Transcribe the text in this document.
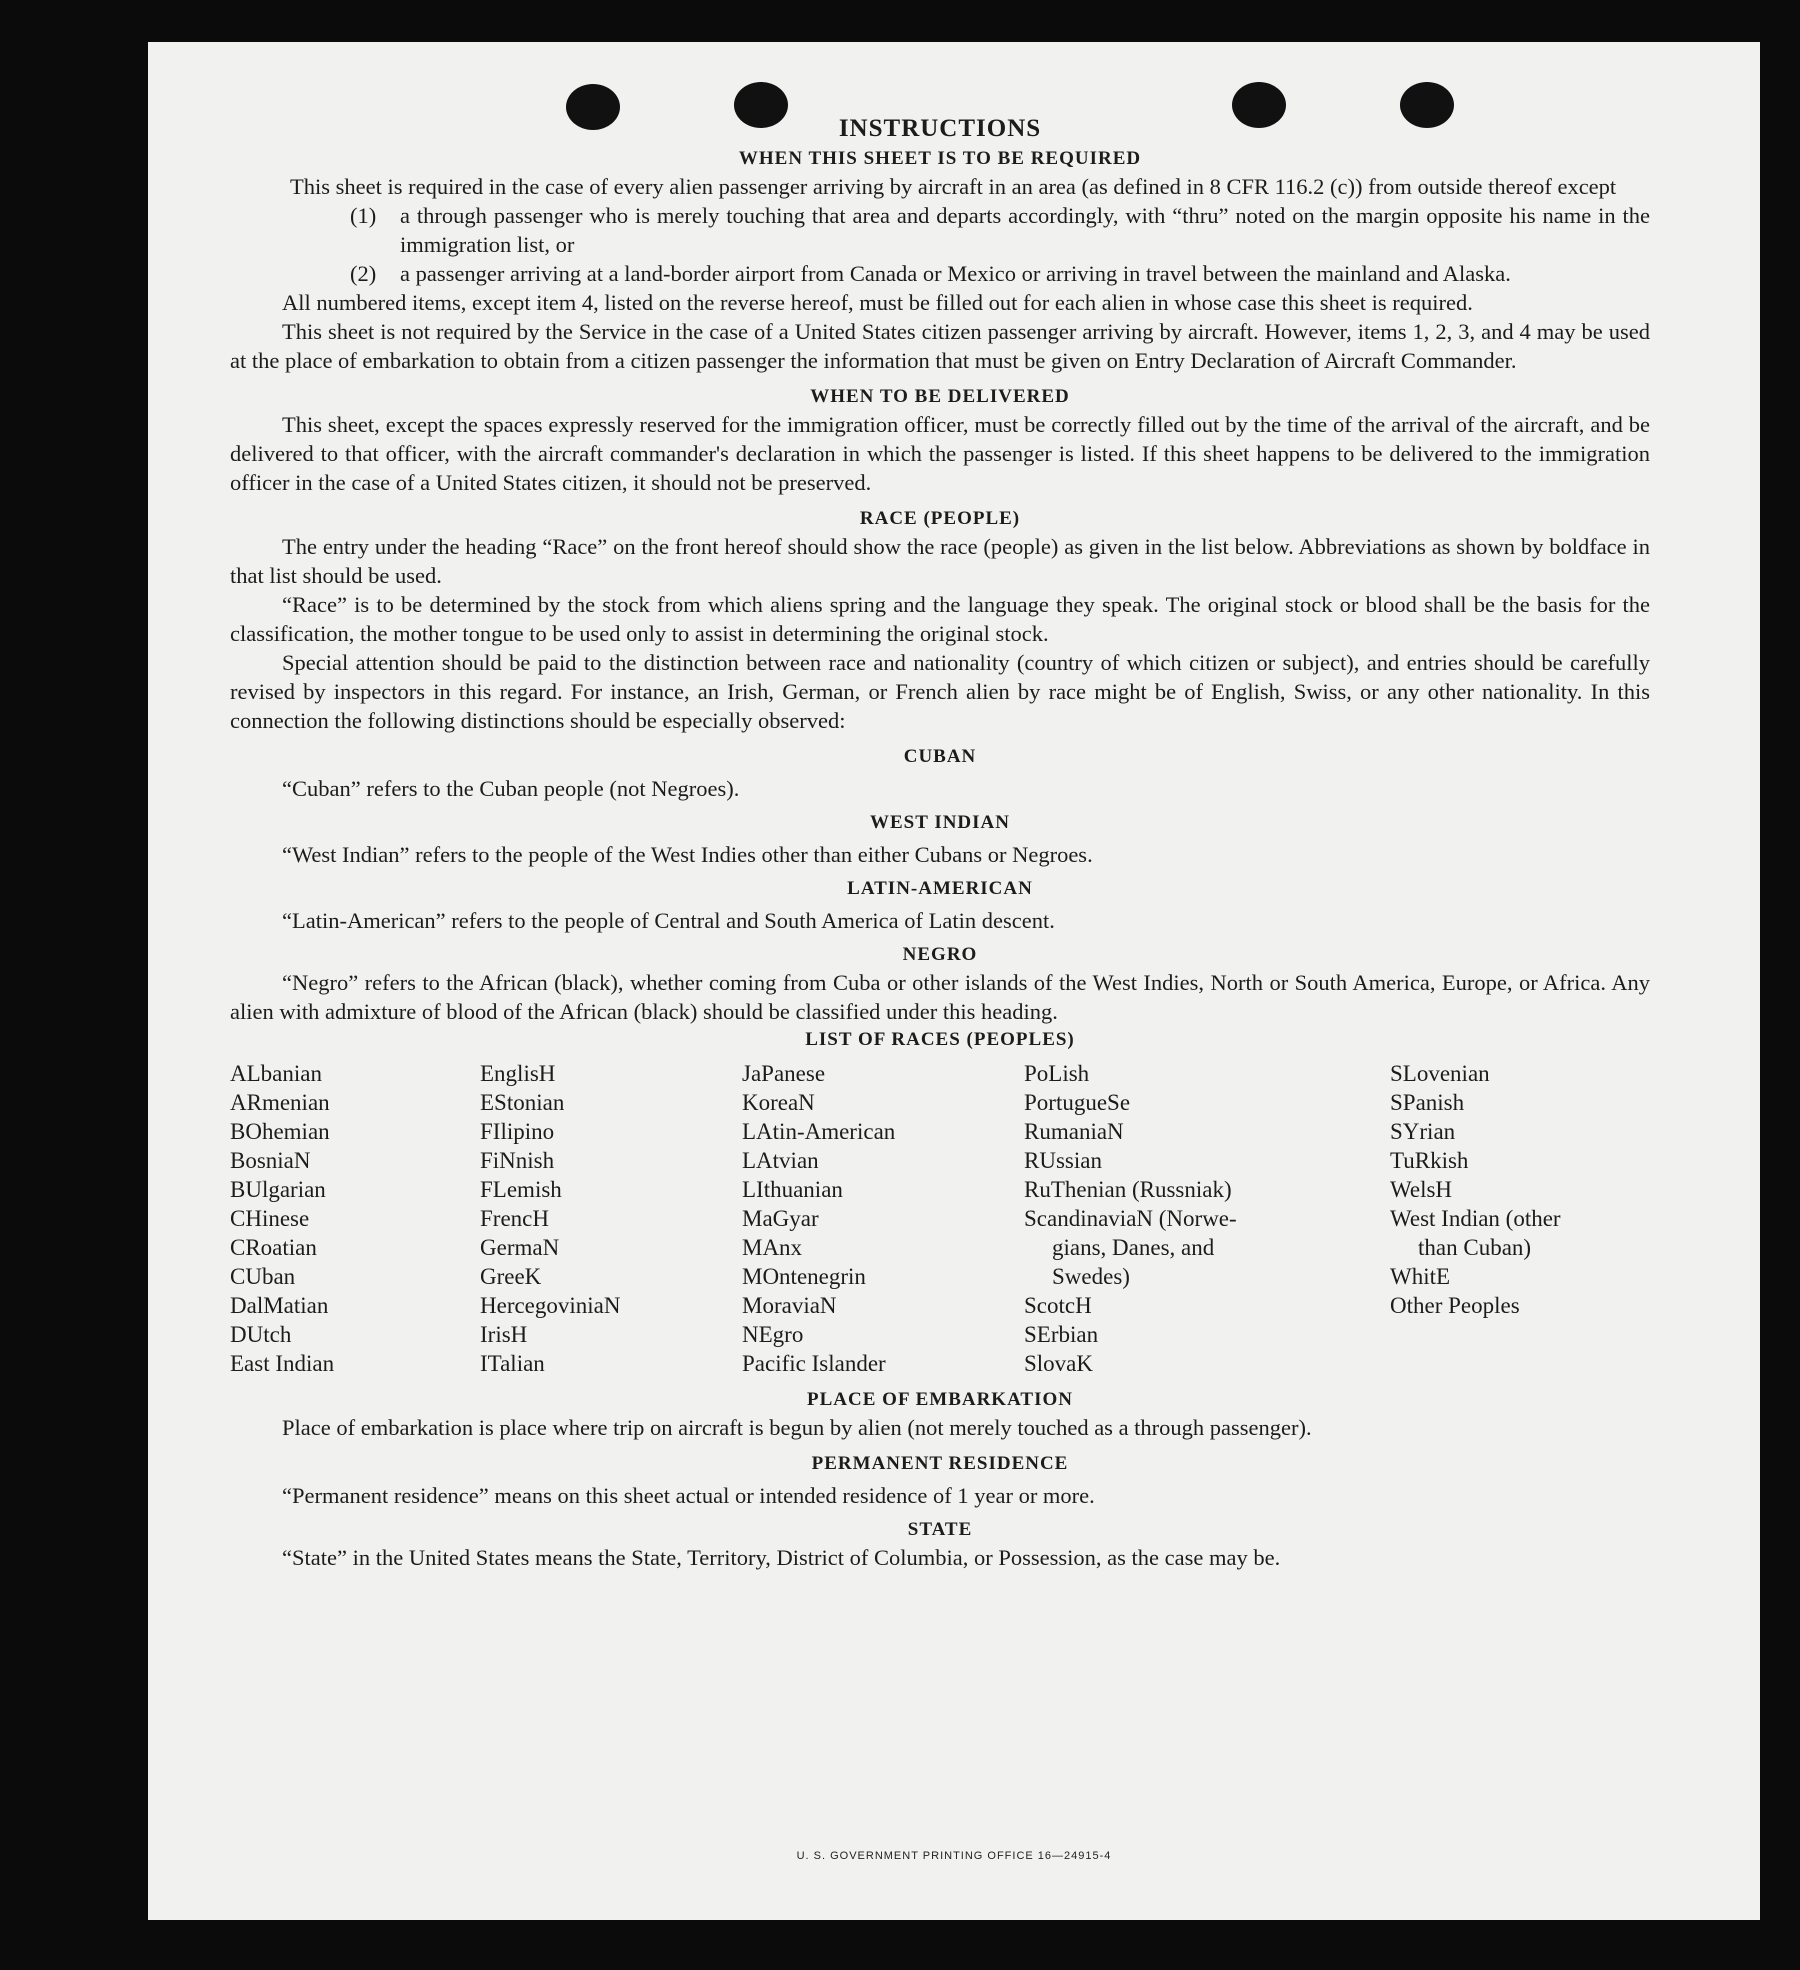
INSTRUCTIONS
WHEN THIS SHEET IS TO BE REQUIRED

This sheet is required in the case of every alien passenger arriving by aircraft in an area (as defined in 8 CFR 116.2 (c)) from outside thereof except

(1)	a through passenger who is merely touching that area and departs accordingly, with “thru” noted on the margin opposite his name in the immigration list, or
(2)	a passenger arriving at a land-border airport from Canada or Mexico or arriving in travel between the mainland and Alaska.

All numbered items, except item 4, listed on the reverse hereof, must be filled out for each alien in whose case this sheet is required.

This sheet is not required by the Service in the case of a United States citizen passenger arriving by aircraft. However, items 1, 2, 3, and 4 may be used at the place of embarkation to obtain from a citizen passenger the information that must be given on Entry Declaration of Aircraft Commander.

WHEN TO BE DELIVERED

This sheet, except the spaces expressly reserved for the immigration officer, must be correctly filled out by the time of the arrival of the aircraft, and be delivered to that officer, with the aircraft commander's declaration in which the passenger is listed. If this sheet happens to be delivered to the immigration officer in the case of a United States citizen, it should not be preserved.

RACE (PEOPLE)

The entry under the heading “Race” on the front hereof should show the race (people) as given in the list below. Abbreviations as shown by boldface in that list should be used.

“Race” is to be determined by the stock from which aliens spring and the language they speak. The original stock or blood shall be the basis for the classification, the mother tongue to be used only to assist in determining the original stock.

Special attention should be paid to the distinction between race and nationality (country of which citizen or subject), and entries should be carefully revised by inspectors in this regard. For instance, an Irish, German, or French alien by race might be of English, Swiss, or any other nationality. In this connection the following distinctions should be especially observed:

CUBAN

“Cuban” refers to the Cuban people (not Negroes).

WEST INDIAN

“West Indian” refers to the people of the West Indies other than either Cubans or Negroes.

LATIN-AMERICAN

“Latin-American” refers to the people of Central and South America of Latin descent.

NEGRO

“Negro” refers to the African (black), whether coming from Cuba or other islands of the West Indies, North or South America, Europe, or Africa. Any alien with admixture of blood of the African (black) should be classified under this heading.

LIST OF RACES (PEOPLES)
ALbanian
ARmenian
BOhemian
BosniaN
BUlgarian
CHinese
CRoatian
CUban
DalMatian
DUtch
East Indian
EnglisH
EStonian
FIlipino
FiNnish
FLemish
FrencH
GermaN
GreeK
HercegoviniaN
IrisH
ITalian
JaPanese
KoreaN
LAtin-American
LAtvian
LIthuanian
MaGyar
MAnx
MOntenegrin
MoraviaN
NEgro
Pacific Islander
PoLish
PortugueSe
RumaniaN
RUssian
RuThenian (Russniak)
ScandinaviaN (Norwe-
gians, Danes, and
Swedes)
ScotcH
SErbian
SlovaK
SLovenian
SPanish
SYrian
TuRkish
WelsH
West Indian (other
than Cuban)
WhitE
Other Peoples
PLACE OF EMBARKATION

Place of embarkation is place where trip on aircraft is begun by alien (not merely touched as a through passenger).

PERMANENT RESIDENCE

“Permanent residence” means on this sheet actual or intended residence of 1 year or more.

STATE

“State” in the United States means the State, Territory, District of Columbia, or Possession, as the case may be.

U. S. GOVERNMENT PRINTING OFFICE 16—24915-4
